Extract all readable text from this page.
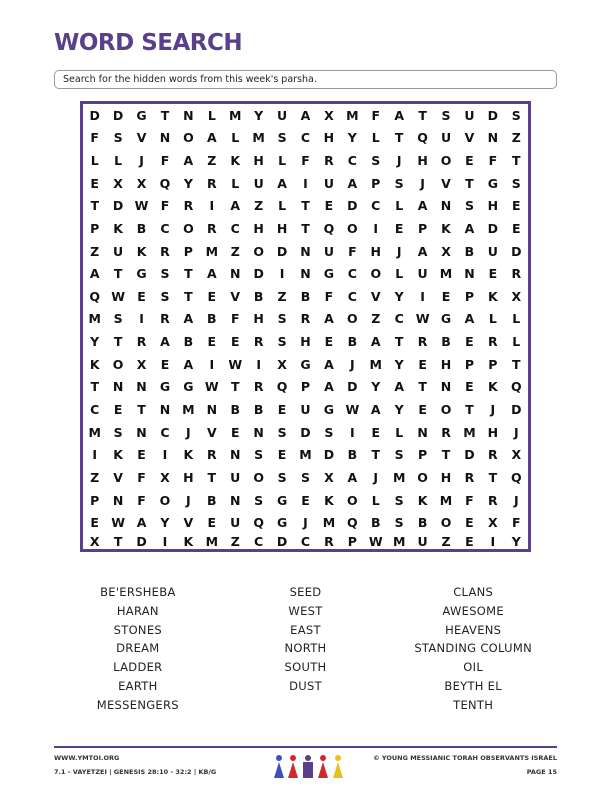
WORD SEARCH
Search for the hidden words from this week's parsha.
D	D	G	T	N	L	M	Y	U	A	X M	F	A	T	S	U	D	S
F	S	V	N	O	A	L	M	S	C	H	Y	L	T	Q	U	V	N	Z
L	L	J	F	A	Z	K	H	L	F	R	C	S	J	H	O	E	F	T
E	X	X	Q	Y	R	L	U	A	I	U	A	P	S	J	V	T	G	S
T	D W F	R	I	A	Z	L	T	E	D	C	L	A	N	S	H	E
P	K	B	C	O	R	C	H	H	T	Q	O	I	E	P	K	A	D	E
Z	U	K	R	P	M	Z	O	D	N	U	F	H	J	A	X	B	U	D
A	T	G	S	T	A	N	D	I	N	G	C	O	L	U M N	E	R
Q W E	S	T	E	V	B	Z	B	F	C	V	Y	I	E	P	K	X
M	S	I	R	A	B	F	H	S	R	A	O	Z	C W G	A	L	L
Y	T	R	A	B	E	E	R	S	H	E	B	A	T	R	B	E	R	L
K	O	X	E	A	I	W	I	X	G	A	J	M	Y	E	H	P	P	T
T	N	N	G	G W T	R	Q	P	A	D	Y	A	T	N	E	K	Q
C	E	T	N M N	B	B	E	U	G W A	Y	E	O	T	J	D
M	S	N	C	J	V	E	N	S	D	S	I	E	L	N	R M H	J
I	K	E	I	K	R	N	S	E	M D	B	T	S	P	T	D	R	X
Z	V	F	X	H	T	U	O	S	S	X	A	J	M O	H	R	T	Q
P	N	F	O	J	B	N	S	G	E	K	O	L	S	K M	F	R	J
E W A	Y	V	E	U	Q	G	J	M Q	B	S	B	O	E	X	F
X	T	D	I	K M	Z	C	D	C	R	P W M U	Z	E	I	Y
BE'ERSHEBA
HARAN
STONES
DREAM
LADDER
EARTH
MESSENGERS
SEED
WEST
EAST
NORTH
SOUTH
DUST
CLANS
AWESOME
HEAVENS
STANDING COLUMN
OIL
BEYTH EL
TENTH
WWW.YMTOI.ORG
7.1 - VAYETZEI | GENESIS 28:10 - 32:2 | KB/G
© YOUNG MESSIANIC TORAH OBSERVANTS ISRAEL
PAGE 15
